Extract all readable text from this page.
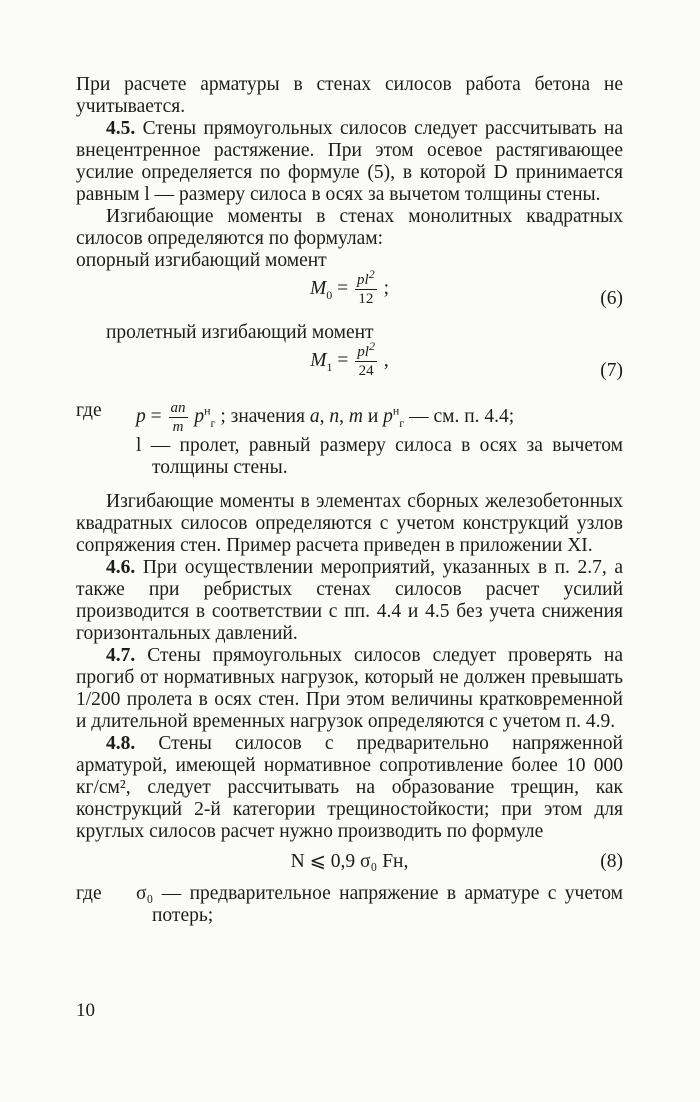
При расчете арматуры в стенах силосов работа бетона не учитывается.

4.5. Стены прямоугольных силосов следует рассчитывать на внецентренное растяжение. При этом осевое растягивающее усилие определяется по формуле (5), в которой D принимается равным l — размеру силоса в осях за вычетом толщины стены.

Изгибающие моменты в стенах монолитных квадратных силосов определяются по формулам:

опорный изгибающий момент

$M_0 = \frac{pl^2}{12}$ ;	(6)

пролетный изгибающий момент

$M_1 = \frac{pl^2}{24}$ ,	(7)
где	$p = \frac{an}{m} p^н_г$ ; значения a, n, m и $p^н_г$ — см. п. 4.4;
l — пролет, равный размеру силоса в осях за вычетом толщины стены.

Изгибающие моменты в элементах сборных железобетонных квадратных силосов определяются с учетом конструкций узлов сопряжения стен. Пример расчета приведен в приложении XI.

4.6. При осуществлении мероприятий, указанных в п. 2.7, а также при ребристых стенах силосов расчет усилий производится в соответствии с пп. 4.4 и 4.5 без учета снижения горизонтальных давлений.

4.7. Стены прямоугольных силосов следует проверять на прогиб от нормативных нагрузок, который не должен превышать 1/200 пролета в осях стен. При этом величины кратковременной и длительной временных нагрузок определяются с учетом п. 4.9.

4.8. Стены силосов с предварительно напряженной арматурой, имеющей нормативное сопротивление более 10 000 кг/см², следует рассчитывать на образование трещин, как конструкций 2-й категории трещиностойкости; при этом для круглых силосов расчет нужно производить по формуле

N ⩽ 0,9 σ₀ Fн,	(8)
где	σ₀ — предварительное напряжение в арматуре с учетом потерь;
10
